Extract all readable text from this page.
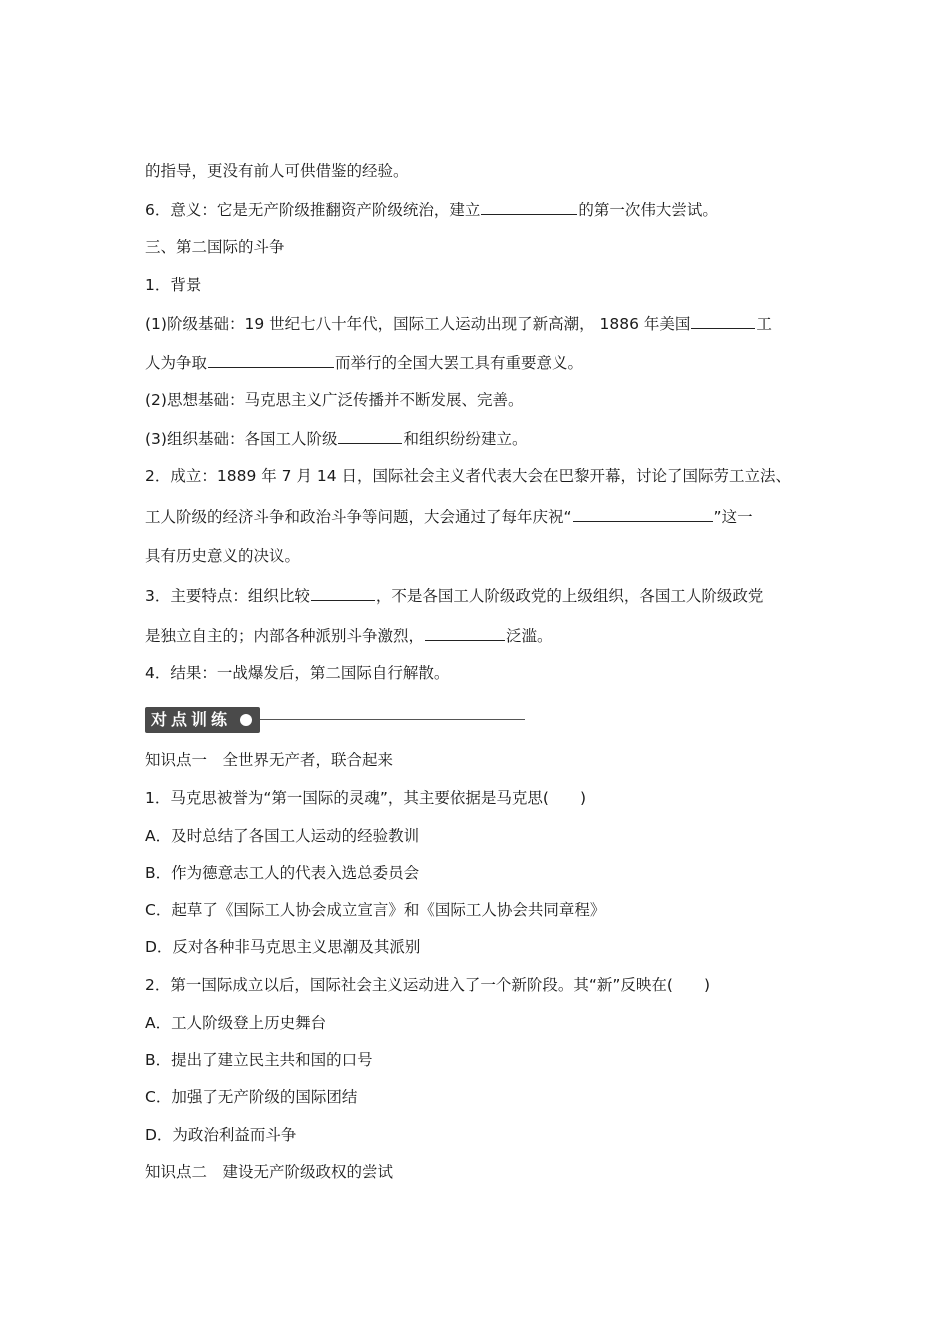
的指导，更没有前人可供借鉴的经验。
6．意义：它是无产阶级推翻资产阶级统治，建立	的第一次伟大尝试。
三、第二国际的斗争
1．背景
(1)阶级基础：19 世纪七八十年代，国际工人运动出现了新高潮， 1886 年美国	工
人为争取	而举行的全国大罢工具有重要意义。
(2)思想基础：马克思主义广泛传播并不断发展、完善。
(3)组织基础：各国工人阶级	和组织纷纷建立。
2．成立：1889 年 7 月 14 日，国际社会主义者代表大会在巴黎开幕，讨论了国际劳工立法、
工人阶级的经济斗争和政治斗争等问题，大会通过了每年庆祝“	”这一
具有历史意义的决议。
3．主要特点：组织比较	，不是各国工人阶级政党的上级组织，各国工人阶级政党
是独立自主的；内部各种派别斗争激烈，	泛滥。
4．结果：一战爆发后，第二国际自行解散。
对点训练
知识点一　全世界无产者，联合起来
1．马克思被誉为“第一国际的灵魂”，其主要依据是马克思(　　)
A．及时总结了各国工人运动的经验教训
B．作为德意志工人的代表入选总委员会
C．起草了《国际工人协会成立宣言》和《国际工人协会共同章程》
D．反对各种非马克思主义思潮及其派别
2．第一国际成立以后，国际社会主义运动进入了一个新阶段。其“新”反映在(　　)
A．工人阶级登上历史舞台
B．提出了建立民主共和国的口号
C．加强了无产阶级的国际团结
D．为政治利益而斗争
知识点二　建设无产阶级政权的尝试
